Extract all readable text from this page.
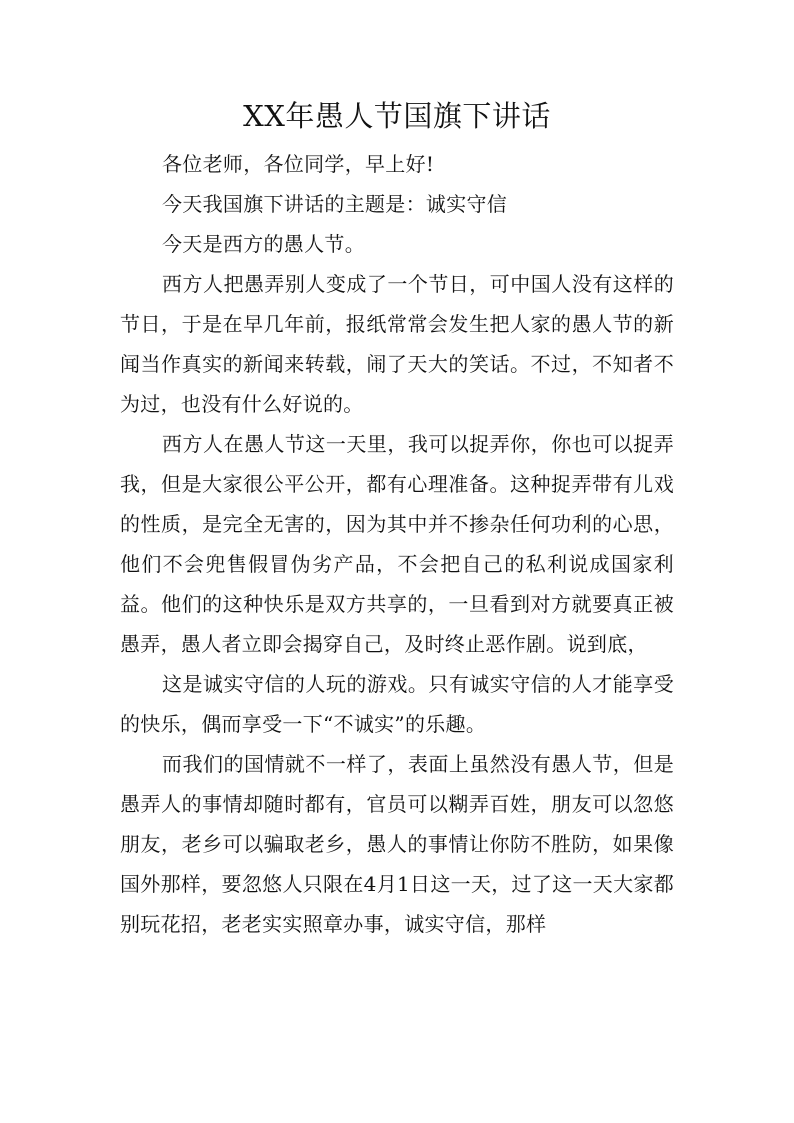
XX年愚人节国旗下讲话

各位老师，各位同学，早上好!

今天我国旗下讲话的主题是：诚实守信

今天是西方的愚人节。

西方人把愚弄别人变成了一个节日，可中国人没有这样的节日，于是在早几年前，报纸常常会发生把人家的愚人节的新闻当作真实的新闻来转载，闹了天大的笑话。不过，不知者不为过，也没有什么好说的。

西方人在愚人节这一天里，我可以捉弄你，你也可以捉弄我，但是大家很公平公开，都有心理准备。这种捉弄带有儿戏的性质，是完全无害的，因为其中并不掺杂任何功利的心思，他们不会兜售假冒伪劣产品，不会把自己的私利说成国家利益。他们的这种快乐是双方共享的，一旦看到对方就要真正被愚弄，愚人者立即会揭穿自己，及时终止恶作剧。说到底，

这是诚实守信的人玩的游戏。只有诚实守信的人才能享受的快乐，偶而享受一下“不诚实”的乐趣。

而我们的国情就不一样了，表面上虽然没有愚人节，但是愚弄人的事情却随时都有，官员可以糊弄百姓，朋友可以忽悠朋友，老乡可以骗取老乡，愚人的事情让你防不胜防，如果像国外那样，要忽悠人只限在4月1日这一天，过了这一天大家都别玩花招，老老实实照章办事，诚实守信，那样
